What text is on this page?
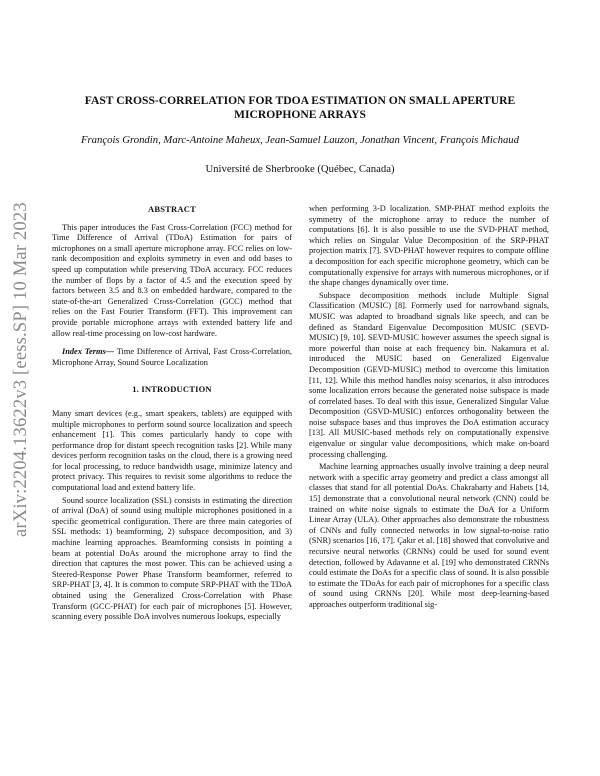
arXiv:2204.13622v3 [eess.SP] 10 Mar 2023
FAST CROSS-CORRELATION FOR TDOA ESTIMATION ON SMALL APERTURE MICROPHONE ARRAYS

François Grondin, Marc-Antoine Maheux, Jean-Samuel Lauzon, Jonathan Vincent, François Michaud

Université de Sherbrooke (Québec, Canada)

ABSTRACT

This paper introduces the Fast Cross-Correlation (FCC) method for Time Difference of Arrival (TDoA) Estimation for pairs of microphones on a small aperture microphone array. FCC relies on low-rank decomposition and exploits symmetry in even and odd bases to speed up computation while preserving TDoA accuracy. FCC reduces the number of flops by a factor of 4.5 and the execution speed by factors between 3.5 and 8.3 on embedded hardware, compared to the state-of-the-art Generalized Cross-Correlation (GCC) method that relies on the Fast Fourier Transform (FFT). This improvement can provide portable microphone arrays with extended battery life and allow real-time processing on low-cost hardware.

Index Terms— Time Difference of Arrival, Fast Cross-Correlation, Microphone Array, Sound Source Localization

1. INTRODUCTION

Many smart devices (e.g., smart speakers, tablets) are equipped with multiple microphones to perform sound source localization and speech enhancement [1]. This comes particularly handy to cope with performance drop for distant speech recognition tasks [2]. While many devices perform recognition tasks on the cloud, there is a growing need for local processing, to reduce bandwidth usage, minimize latency and protect privacy. This requires to revisit some algorithms to reduce the computational load and extend battery life.

Sound source localization (SSL) consists in estimating the direction of arrival (DoA) of sound using multiple microphones positioned in a specific geometrical configuration. There are three main categories of SSL methods: 1) beamforming, 2) subspace decomposition, and 3) machine learning approaches. Beamforming consists in pointing a beam at potential DoAs around the microphone array to find the direction that captures the most power. This can be achieved using a Steered-Response Power Phase Transform beamformer, referred to SRP-PHAT [3, 4]. It is common to compute SRP-PHAT with the TDoA obtained using the Generalized Cross-Correlation with Phase Transform (GCC-PHAT) for each pair of microphones [5]. However, scanning every possible DoA involves numerous lookups, especially

when performing 3-D localization. SMP-PHAT method exploits the symmetry of the microphone array to reduce the number of computations [6]. It is also possible to use the SVD-PHAT method, which relies on Singular Value Decomposition of the SRP-PHAT projection matrix [7]. SVD-PHAT however requires to compute offline a decomposition for each specific microphone geometry, which can be computationally expensive for arrays with numerous microphones, or if the shape changes dynamically over time.

Subspace decomposition methods include Multiple Signal Classification (MUSIC) [8]. Formerly used for narrowband signals, MUSIC was adapted to broadband signals like speech, and can be defined as Standard Eigenvalue Decomposition MUSIC (SEVD-MUSIC) [9, 10]. SEVD-MUSIC however assumes the speech signal is more powerful than noise at each frequency bin. Nakamura et al. introduced the MUSIC based on Generalized Eigenvalue Decomposition (GEVD-MUSIC) method to overcome this limitation [11, 12]. While this method handles noisy scenarios, it also introduces some localization errors because the generated noise subspace is made of correlated bases. To deal with this issue, Generalized Singular Value Decomposition (GSVD-MUSIC) enforces orthogonality between the noise subspace bases and thus improves the DoA estimation accuracy [13]. All MUSIC-based methods rely on computationally expensive eigenvalue or singular value decompositions, which make on-board processing challenging.

Machine learning approaches usually involve training a deep neural network with a specific array geometry and predict a class amongst all classes that stand for all potential DoAs. Chakrabarty and Habets [14, 15] demonstrate that a convolutional neural network (CNN) could be trained on white noise signals to estimate the DoA for a Uniform Linear Array (ULA). Other approaches also demonstrate the robustness of CNNs and fully connected networks in low signal-to-noise ratio (SNR) scenarios [16, 17]. Çakır et al. [18] showed that convolutive and recursive neural networks (CRNNs) could be used for sound event detection, followed by Adavanne et al. [19] who demonstrated CRNNs could estimate the DoAs for a specific class of sound. It is also possible to estimate the TDoAs for each pair of microphones for a specific class of sound using CRNNs [20]. While most deep-learning-based approaches outperform traditional sig-
